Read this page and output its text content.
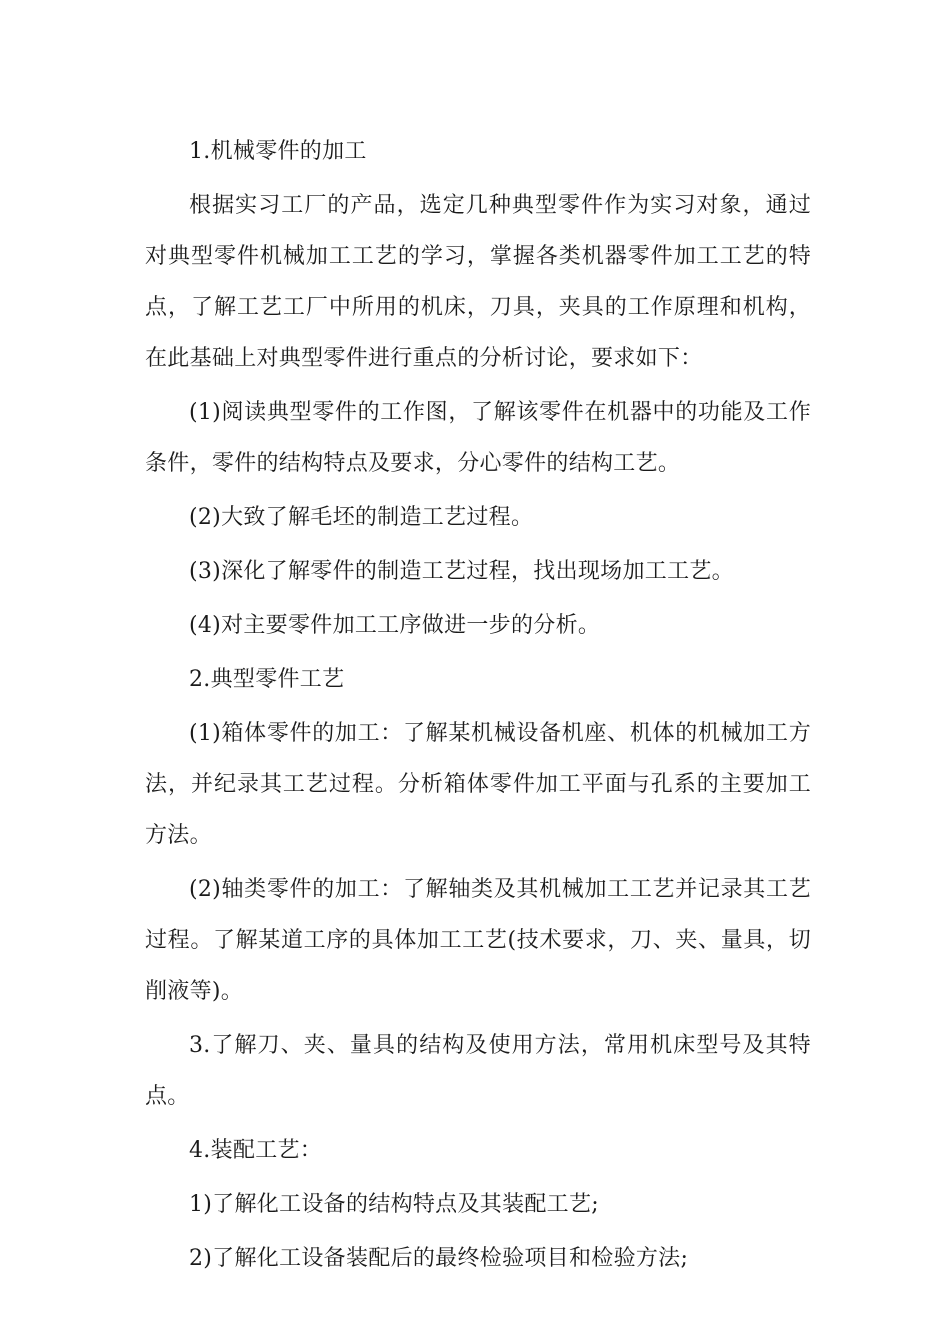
1.机械零件的加工

根据实习工厂的产品，选定几种典型零件作为实习对象，通过对典型零件机械加工工艺的学习，掌握各类机器零件加工工艺的特点，了解工艺工厂中所用的机床，刀具，夹具的工作原理和机构，在此基础上对典型零件进行重点的分析讨论，要求如下：

(1)阅读典型零件的工作图，了解该零件在机器中的功能及工作条件，零件的结构特点及要求，分心零件的结构工艺。

(2)大致了解毛坯的制造工艺过程。

(3)深化了解零件的制造工艺过程，找出现场加工工艺。

(4)对主要零件加工工序做进一步的分析。

2.典型零件工艺

(1)箱体零件的加工：了解某机械设备机座、机体的机械加工方法，并纪录其工艺过程。分析箱体零件加工平面与孔系的主要加工方法。

(2)轴类零件的加工：了解轴类及其机械加工工艺并记录其工艺过程。了解某道工序的具体加工工艺(技术要求，刀、夹、量具，切削液等)。

3.了解刀、夹、量具的结构及使用方法，常用机床型号及其特点。

4.装配工艺：

1)了解化工设备的结构特点及其装配工艺;

2)了解化工设备装配后的最终检验项目和检验方法;
